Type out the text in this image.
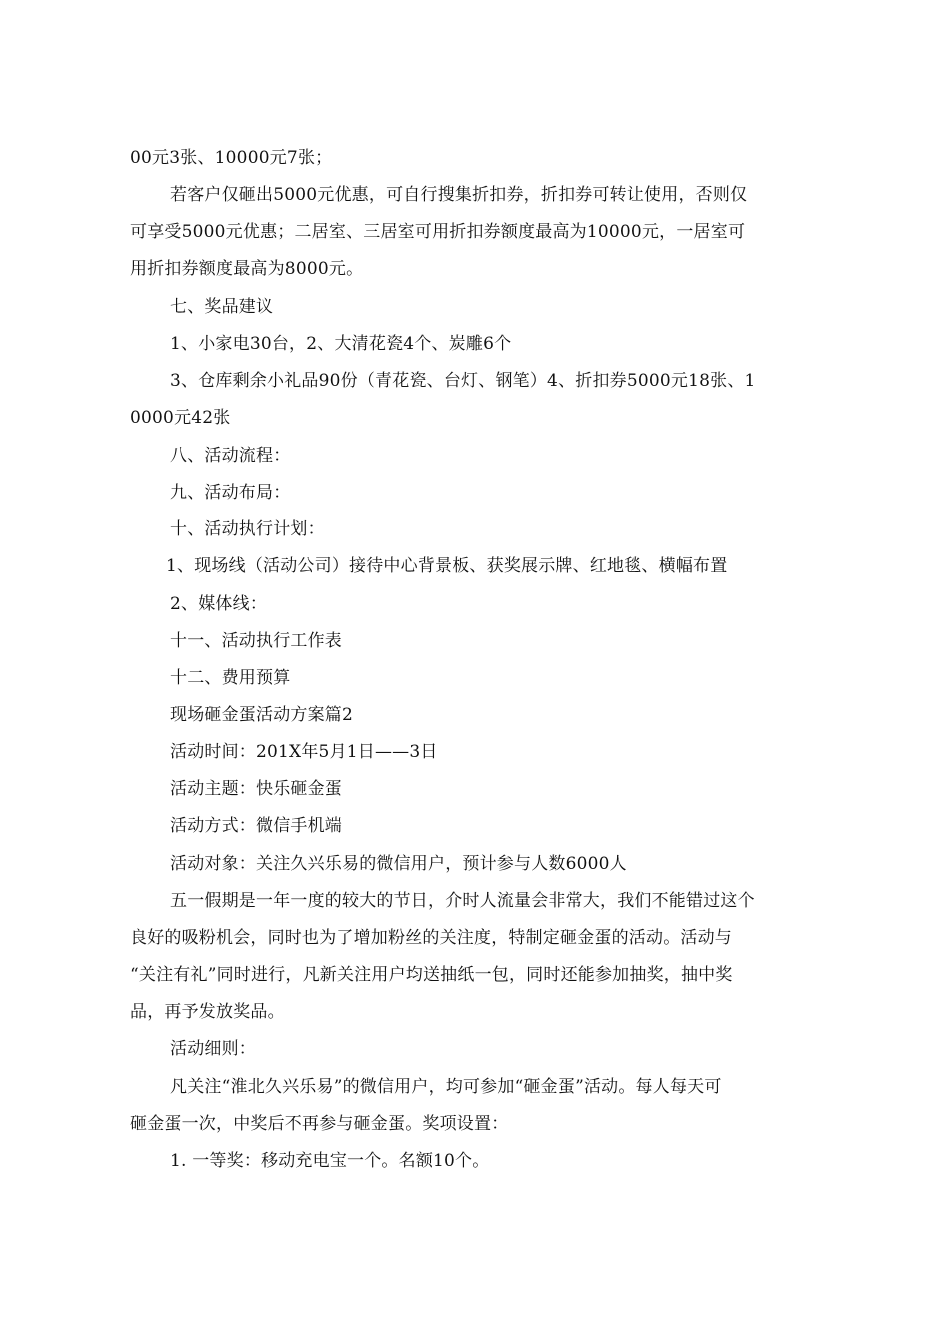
00元3张、10000元7张；
若客户仅砸出5000元优惠，可自行搜集折扣券，折扣券可转让使用，否则仅
可享受5000元优惠；二居室、三居室可用折扣券额度最高为10000元，一居室可
用折扣券额度最高为8000元。
七、奖品建议
1、小家电30台，2、大清花瓷4个、炭雕6个
3、仓库剩余小礼品90份（青花瓷、台灯、钢笔）4、折扣券5000元18张、1
0000元42张
八、活动流程：
九、活动布局：
十、活动执行计划：
1、现场线（活动公司）接待中心背景板、获奖展示牌、红地毯、横幅布置
2、媒体线：
十一、活动执行工作表
十二、费用预算
现场砸金蛋活动方案篇2
活动时间：201X年5月1日——3日
活动主题：快乐砸金蛋
活动方式：微信手机端
活动对象：关注久兴乐易的微信用户，预计参与人数6000人
五一假期是一年一度的较大的节日，介时人流量会非常大，我们不能错过这个
良好的吸粉机会，同时也为了增加粉丝的关注度，特制定砸金蛋的活动。活动与
“关注有礼”同时进行，凡新关注用户均送抽纸一包，同时还能参加抽奖，抽中奖
品，再予发放奖品。
活动细则：
凡关注“淮北久兴乐易”的微信用户，均可参加“砸金蛋”活动。每人每天可
砸金蛋一次，中奖后不再参与砸金蛋。奖项设置：
1. 一等奖：移动充电宝一个。名额10个。
